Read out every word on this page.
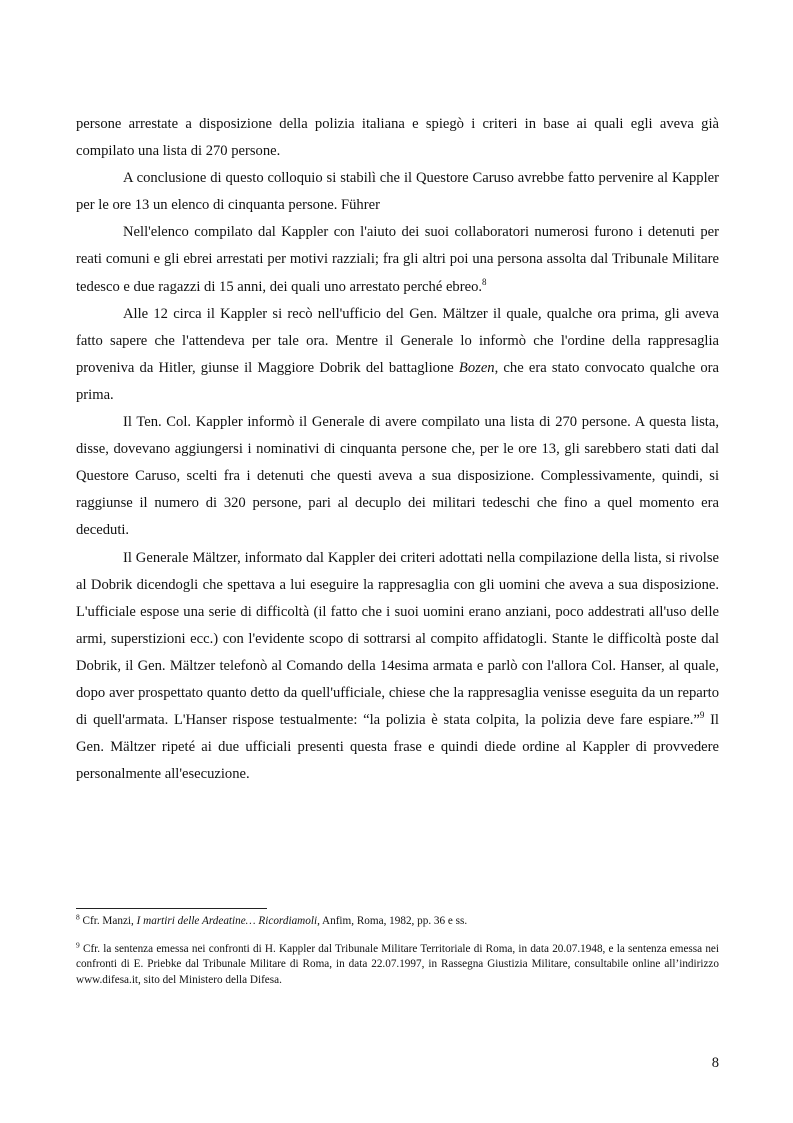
persone arrestate a disposizione della polizia italiana e spiegò i criteri in base ai quali egli aveva già compilato una lista di 270 persone.

A conclusione di questo colloquio si stabilì che il Questore Caruso avrebbe fatto pervenire al Kappler per le ore 13 un elenco di cinquanta persone. Führer

Nell'elenco compilato dal Kappler con l'aiuto dei suoi collaboratori numerosi furono i detenuti per reati comuni e gli ebrei arrestati per motivi razziali; fra gli altri poi una persona assolta dal Tribunale Militare tedesco e due ragazzi di 15 anni, dei quali uno arrestato perché ebreo.$^8$

Alle 12 circa il Kappler si recò nell'ufficio del Gen. Mältzer il quale, qualche ora prima, gli aveva fatto sapere che l'attendeva per tale ora. Mentre il Generale lo informò che l'ordine della rappresaglia proveniva da Hitler, giunse il Maggiore Dobrik del battaglione Bozen, che era stato convocato qualche ora prima.

Il Ten. Col. Kappler informò il Generale di avere compilato una lista di 270 persone. A questa lista, disse, dovevano aggiungersi i nominativi di cinquanta persone che, per le ore 13, gli sarebbero stati dati dal Questore Caruso, scelti fra i detenuti che questi aveva a sua disposizione. Complessivamente, quindi, si raggiunse il numero di 320 persone, pari al decuplo dei militari tedeschi che fino a quel momento era deceduti.

Il Generale Mältzer, informato dal Kappler dei criteri adottati nella compilazione della lista, si rivolse al Dobrik dicendogli che spettava a lui eseguire la rappresaglia con gli uomini che aveva a sua disposizione. L'ufficiale espose una serie di difficoltà (il fatto che i suoi uomini erano anziani, poco addestrati all'uso delle armi, superstizioni ecc.) con l'evidente scopo di sottrarsi al compito affidatogli. Stante le difficoltà poste dal Dobrik, il Gen. Mältzer telefonò al Comando della 14esima armata e parlò con l'allora Col. Hanser, al quale, dopo aver prospettato quanto detto da quell'ufficiale, chiese che la rappresaglia venisse eseguita da un reparto di quell'armata. L'Hanser rispose testualmente: “la polizia è stata colpita, la polizia deve fare espiare.”$^9$ Il Gen. Mältzer ripeté ai due ufficiali presenti questa frase e quindi diede ordine al Kappler di provvedere personalmente all'esecuzione.

$^8$ Cfr. Manzi, I martiri delle Ardeatine… Ricordiamoli, Anfim, Roma, 1982, pp. 36 e ss.

$^9$ Cfr. la sentenza emessa nei confronti di H. Kappler dal Tribunale Militare Territoriale di Roma, in data 20.07.1948, e la sentenza emessa nei confronti di E. Priebke dal Tribunale Militare di Roma, in data 22.07.1997, in Rassegna Giustizia Militare, consultabile online all’indirizzo www.difesa.it, sito del Ministero della Difesa.

8
